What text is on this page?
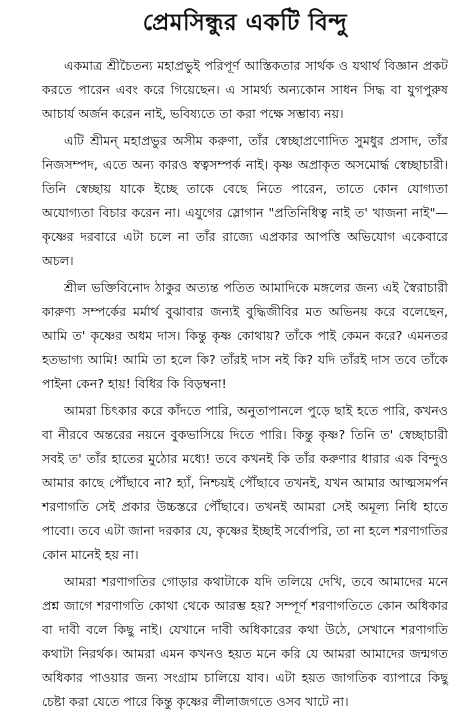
প্রেমসিন্ধুর একটি বিন্দু

একমাত্র শ্রীচৈতন্য মহাপ্রভুই পরিপূর্ণ আস্তিকতার সার্থক ও যথার্থ বিজ্ঞান প্রকট করতে পারেন এবং করে গিয়েছেন। এ সামর্থ্য অন্যকোন সাধন সিদ্ধ বা যুগপুরুষ আচার্য অর্জন করেন নাই, ভবিষ্যতে তা করা পক্ষে সম্ভাব্য নয়।

এটি শ্রীমন্ মহাপ্রভুর অসীম করুণা, তাঁর স্বেচ্ছাপ্রণোদিত সুমধুর প্রসাদ, তাঁর নিজসম্পদ, এতে অন্য কারও স্বত্বসম্পর্ক নাই। কৃষ্ণ অপ্রাকৃত অসমোর্দ্ধ স্বেচ্ছাচারী। তিনি স্বেচ্ছায় যাকে ইচ্ছে তাকে বেছে নিতে পারেন, তাতে কোন যোগ্যতা অযোগ্যতা বিচার করেন না। এযুগের স্লোগান "প্রতিনিধিত্ব নাই ত' খাজনা নাই"— কৃষ্ণের দরবারে এটা চলে না তাঁর রাজ্যে এপ্রকার আপত্তি অভিযোগ একেবারে অচল।

শ্রীল ভক্তিবিনোদ ঠাকুর অত্যন্ত পতিত আমাদিকে মঙ্গলের জন্য এই স্বৈরাচারী কারুণ্য সম্পর্কের মর্মার্থ বুঝাবার জন্যই বুদ্ধিজীবির মত অভিনয় করে বলেছেন, আমি ত' কৃষ্ণের অধম দাস। কিন্তু কৃষ্ণ কোথায়? তাঁকে পাই কেমন করে? এমনতর হতভাগ্য আমি! আমি তা হলে কি? তাঁরই দাস নই কি? যদি তাঁরই দাস তবে তাঁকে পাইনা কেন? হায়! বিধির কি বিড়ম্বনা!

আমরা চিৎকার করে কাঁদতে পারি, অনুতাপানলে পুড়ে ছাই হতে পারি, কখনও বা নীরবে অন্তরের নয়নে বুকভাসিয়ে দিতে পারি। কিন্তু কৃষ্ণ? তিনি ত' স্বেচ্ছাচারী সবই ত' তাঁর হাতের মুঠোর মধ্যে! তবে কখনই কি তাঁর করুণার ধারার এক বিন্দুও আমার কাছে পৌঁছাবে না? হ্যাঁ, নিশ্চয়ই পৌঁছাবে তখনই, যখন আমার আত্মসমর্পন শরণাগতি সেই প্রকার উচ্চস্তরে পৌঁছাবে। তখনই আমরা সেই অমূল্য নিধি হাতে পাবো। তবে এটা জানা দরকার যে, কৃষ্ণের ইচ্ছাই সর্বোপরি, তা না হলে শরণাগতির কোন মানেই হয় না।

আমরা শরণাগতির গোড়ার কথাটাকে যদি তলিয়ে দেখি, তবে আমাদের মনে প্রশ্ন জাগে শরণাগতি কোথা থেকে আরম্ভ হয়? সম্পূর্ণ শরণাগতিতে কোন অধিকার বা দাবী বলে কিছু নাই। যেখানে দাবী অধিকারের কথা উঠে, সেখানে শরণাগতি কথাটা নিরর্থক। আমরা এমন কখনও হয়ত মনে করি যে আমরা আমাদের জন্মগত অধিকার পাওয়ার জন্য সংগ্রাম চালিয়ে যাব। এটা হয়ত জাগতিক ব্যাপারে কিছু চেষ্টা করা যেতে পারে কিন্তু কৃষ্ণের লীলাজগতে ওসব খাটে না।
